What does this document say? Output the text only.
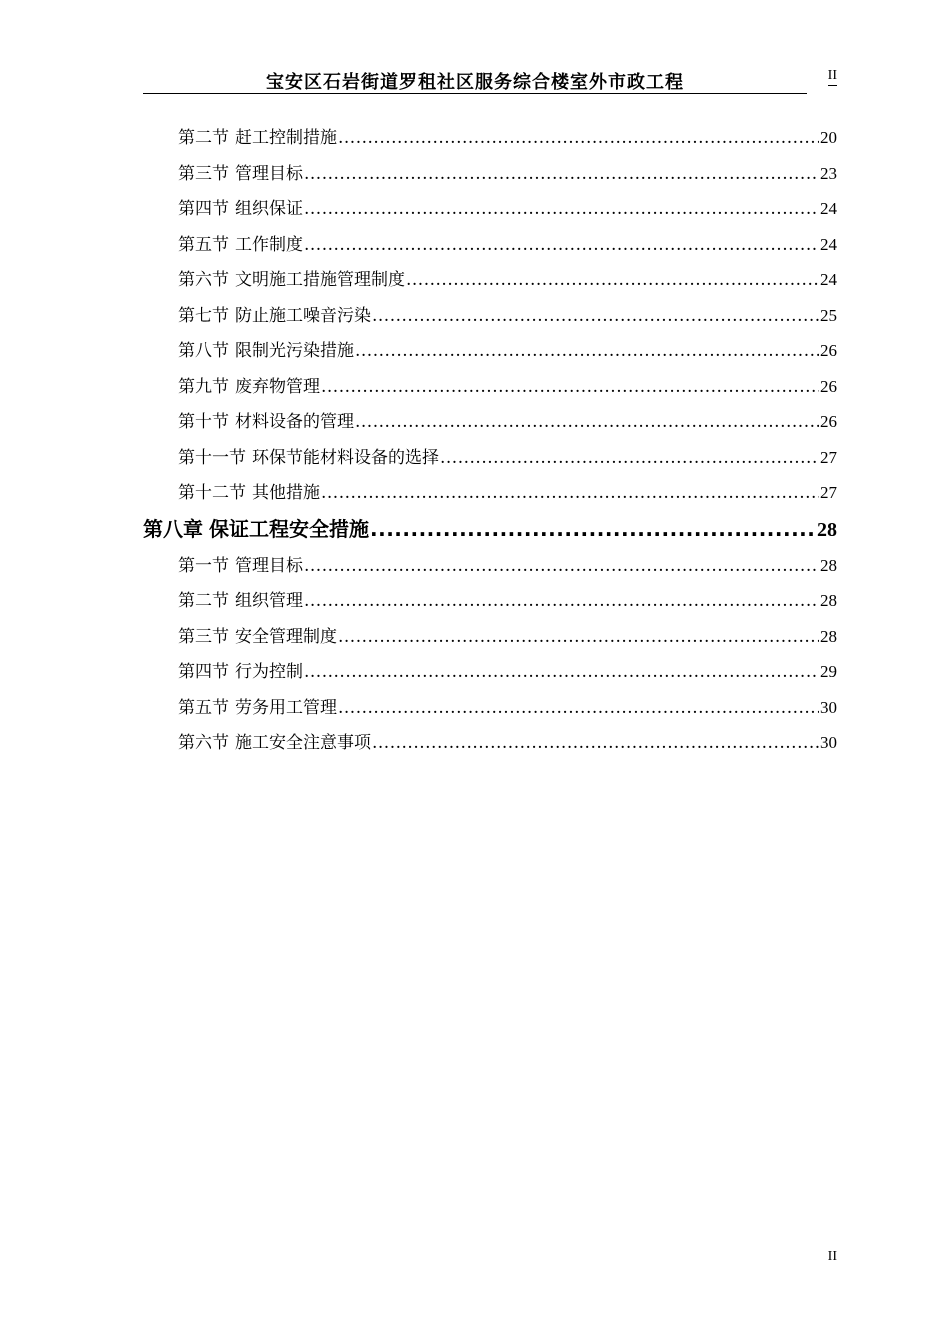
宝安区石岩街道罗租社区服务综合楼室外市政工程	II
第二节 赶工控制措施 .....	20
第三节 管理目标 .....	23
第四节 组织保证 .....	24
第五节 工作制度 .....	24
第六节 文明施工措施管理制度 .....	24
第七节 防止施工噪音污染 .....	25
第八节 限制光污染措施 .....	26
第九节 废弃物管理 .....	26
第十节 材料设备的管理 .....	26
第十一节 环保节能材料设备的选择 .....	27
第十二节 其他措施 .....	27
第八章 保证工程安全措施 .....	28
第一节 管理目标 .....	28
第二节 组织管理 .....	28
第三节 安全管理制度 .....	28
第四节 行为控制 .....	29
第五节 劳务用工管理 .....	30
第六节 施工安全注意事项 .....	30
II
